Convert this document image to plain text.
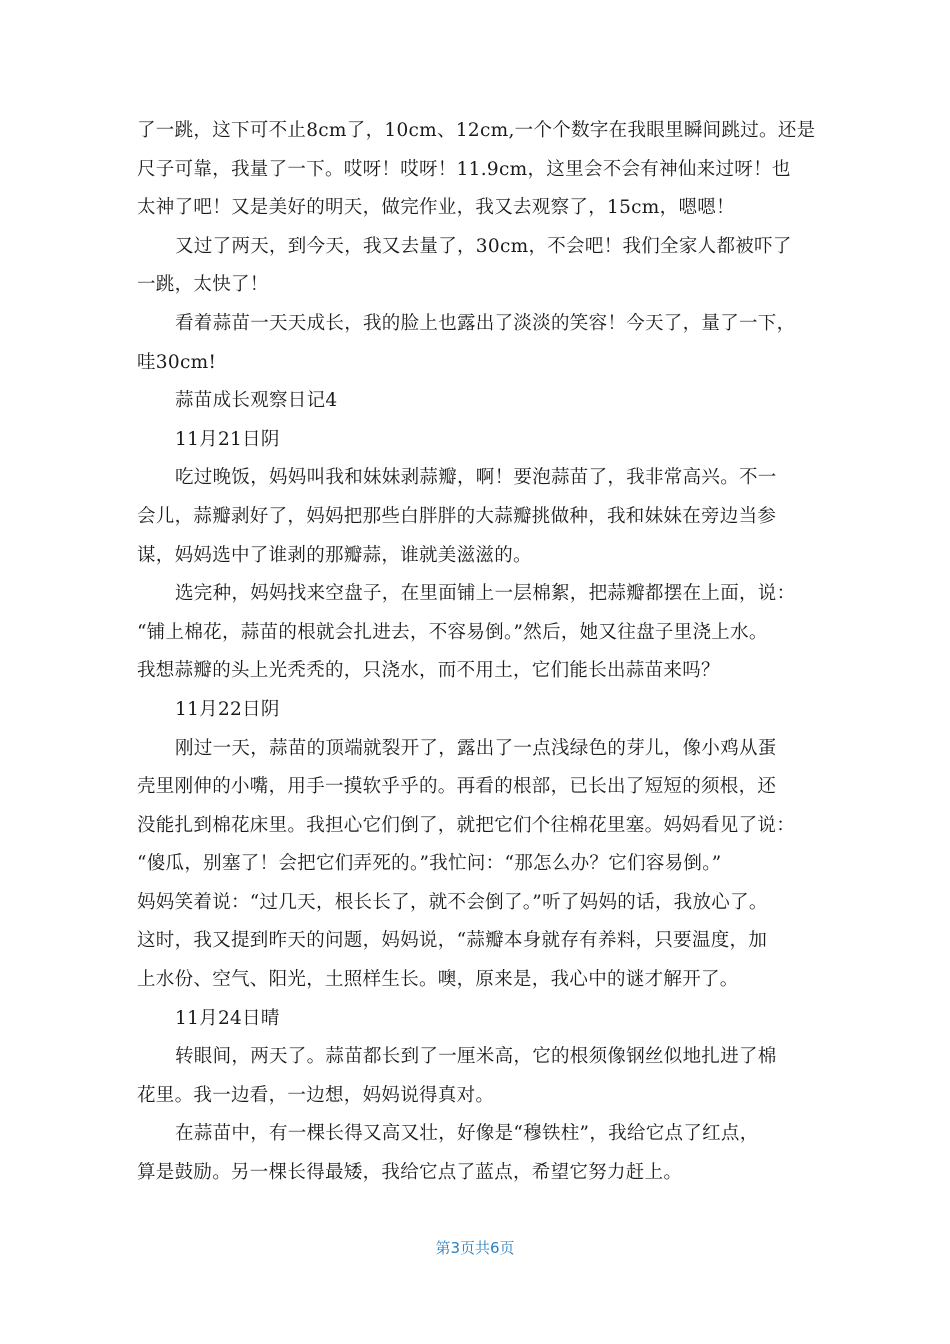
了一跳，这下可不止8cm了，10cm、12cm,一个个数字在我眼里瞬间跳过。还是
尺子可靠，我量了一下。哎呀！哎呀！11.9cm，这里会不会有神仙来过呀！也
太神了吧！又是美好的明天，做完作业，我又去观察了，15cm，嗯嗯！
又过了两天，到今天，我又去量了，30cm，不会吧！我们全家人都被吓了
一跳，太快了！
看着蒜苗一天天成长，我的脸上也露出了淡淡的笑容！今天了，量了一下，
哇30cm!
蒜苗成长观察日记4
11月21日阴
吃过晚饭，妈妈叫我和妹妹剥蒜瓣，啊！要泡蒜苗了，我非常高兴。不一
会儿，蒜瓣剥好了，妈妈把那些白胖胖的大蒜瓣挑做种，我和妹妹在旁边当参
谋，妈妈选中了谁剥的那瓣蒜，谁就美滋滋的。
选完种，妈妈找来空盘子，在里面铺上一层棉絮，把蒜瓣都摆在上面，说：
“铺上棉花，蒜苗的根就会扎进去，不容易倒。”然后，她又往盘子里浇上水。
我想蒜瓣的头上光秃秃的，只浇水，而不用土，它们能长出蒜苗来吗？
11月22日阴
刚过一天，蒜苗的顶端就裂开了，露出了一点浅绿色的芽儿，像小鸡从蛋
壳里刚伸的小嘴，用手一摸软乎乎的。再看的根部，已长出了短短的须根，还
没能扎到棉花床里。我担心它们倒了，就把它们个往棉花里塞。妈妈看见了说：
“傻瓜，别塞了！会把它们弄死的。”我忙问：“那怎么办？它们容易倒。”
妈妈笑着说：“过几天，根长长了，就不会倒了。”听了妈妈的话，我放心了。
这时，我又提到昨天的问题，妈妈说，“蒜瓣本身就存有养料，只要温度，加
上水份、空气、阳光，土照样生长。噢，原来是，我心中的谜才解开了。
11月24日晴
转眼间，两天了。蒜苗都长到了一厘米高，它的根须像钢丝似地扎进了棉
花里。我一边看，一边想，妈妈说得真对。
在蒜苗中，有一棵长得又高又壮，好像是“穆铁柱”，我给它点了红点，
算是鼓励。另一棵长得最矮，我给它点了蓝点，希望它努力赶上。
第3页共6页
